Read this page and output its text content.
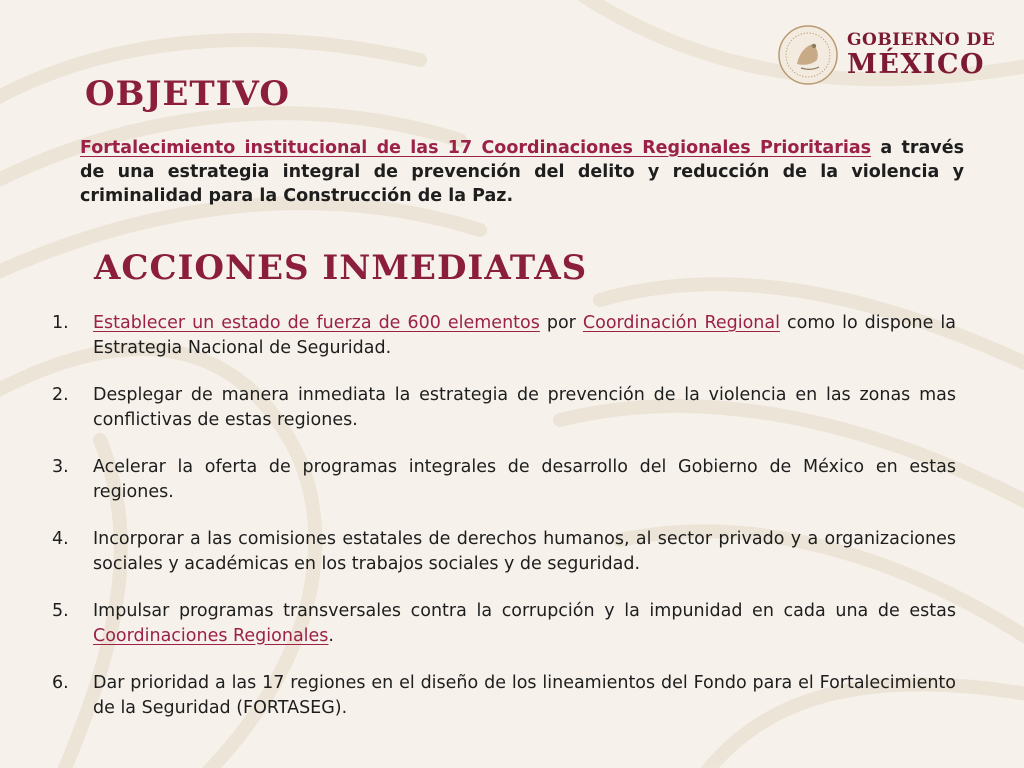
GOBIERNO DE
MÉXICO
OBJETIVO

Fortalecimiento institucional de las 17 Coordinaciones Regionales Prioritarias a través de una estrategia integral de prevención del delito y reducción de la violencia y criminalidad para la Construcción de la Paz.

ACCIONES INMEDIATAS
1.	Establecer un estado de fuerza de 600 elementos por Coordinación Regional como lo dispone la Estrategia Nacional de Seguridad.
2.	Desplegar de manera inmediata la estrategia de prevención de la violencia en las zonas mas conflictivas de estas regiones.
3.	Acelerar la oferta de programas integrales de desarrollo del Gobierno de México en estas regiones.
4.	Incorporar a las comisiones estatales de derechos humanos, al sector privado y a organizaciones sociales y académicas en los trabajos sociales y de seguridad.
5.	Impulsar programas transversales contra la corrupción y la impunidad en cada una de estas Coordinaciones Regionales.
6.	Dar prioridad a las 17 regiones en el diseño de los lineamientos del Fondo para el Fortalecimiento de la Seguridad (FORTASEG).
